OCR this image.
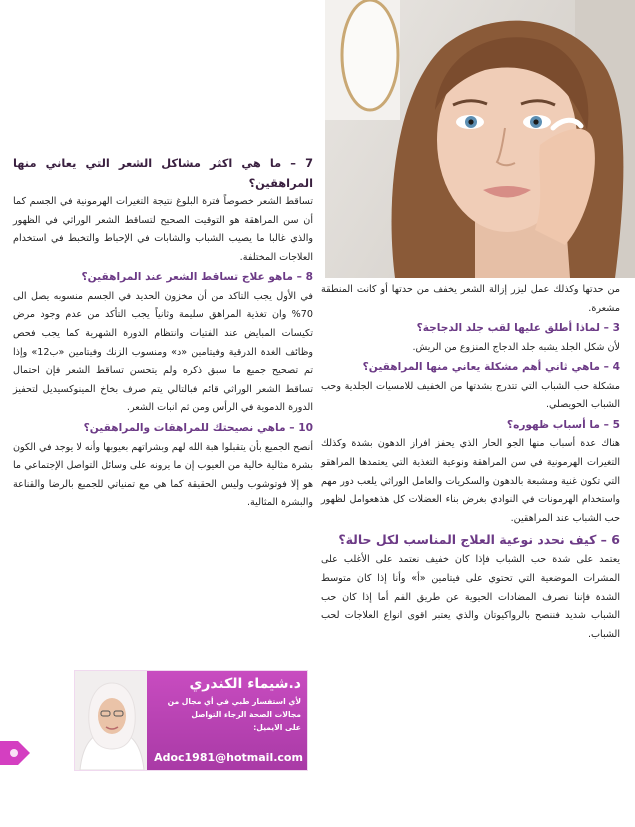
من حدتها وكذلك عمل ليزر إزالة الشعر يخفف من حدتها أو كانت المنطقة مشعرة.

3 – لماذا أطلق عليها لقب جلد الدجاجة؟

لأن شكل الجلد يشبه جلد الدجاج المنزوع من الريش.

4 – ماهي ثاني أهم مشكلة يعاني منها المراهقين؟

مشكلة حب الشباب التي تتدرج بشدتها من الخفيف للامسيات الجلدية وحب الشباب الحويصلي.

5 – ما أسباب ظهوره؟

هناك عدة أسباب منها الجو الحار الذي يحفز افراز الدهون بشدة وكذلك التغيرات الهرمونية في سن المراهقة ونوعية التغذية التي يعتمدها المراهقو التي تكون غنية ومشبعة بالدهون والسكريات والعامل الوراثي يلعب دور مهم واستخدام الهرمونات في النوادي بغرض بناء العضلات كل هذهعوامل لظهور حب الشباب عند المراهقين.

6 – كيف نحدد نوعية العلاج المناسب لكل حالة؟

يعتمد على شدة حب الشباب فإذا كان خفيف نعتمد على الأغلب على المشرات الموضعية التي تحتوي على فيتامين «أ» وأنا إذا كان متوسط الشدة فإننا نصرف المضادات الحيوية عن طريق الفم أما إذا كان حب الشباب شديد فننصح بالرواكيوتان والذي يعتبر اقوى انواع العلاجات لحب الشباب.

7 – ما هي اكثر مشاكل الشعر التي يعاني منها المراهقين؟

تساقط الشعر خصوصاً فترة البلوغ نتيجة التغيرات الهرمونية في الجسم كما أن سن المراهقة هو التوقيت الصحيح لتساقط الشعر الوراثي في الظهور والذي غالبا ما يصيب الشباب والشابات في الإحباط والتخبط في استخدام العلاجات المختلفة.

8 – ماهو علاج تساقط الشعر عند المراهقين؟

في الأول يجب التاكد من أن مخزون الحديد في الجسم منسوبه يصل الى 70% وان تغذية المراهق سليمة وثانياً يجب التأكد من عدم وجود مرض تكيسات المبايض عند الفتيات وانتظام الدورة الشهرية كما يجب فحص وظائف الغدة الدرقية وفيتامين «د» ومنسوب الزنك وفيتامين «ب12» وإذا تم تصحيح جميع ما سبق ذكره ولم يتحسن تساقط الشعر فإن احتمال تساقط الشعر الوراثي قائم فبالتالي يتم صرف بخاخ المينوكسيديل لتحفيز الدورة الدموية في الرأس ومن ثم انبات الشعر.

10 – ماهي نصيحتك للمراهقات والمراهقين؟

أنصح الجميع بأن يتقبلوا هبة الله لهم وبشراتهم بعيوبها وأنه لا يوجد في الكون بشرة مثالية خالية من العيوب إن ما يرونه على وسائل التواصل الإجتماعي ما هو إلا فوتوشوب وليس الحقيقة كما هي مع تمنياتي للجميع بالرضا والقناعة والبشرة المثالية.

د.شيماء الكندري
لأي استفسار طبي في أي مجال من
مجالات الصحة الرجاء التواصل
على الايميل:
Adoc1981@hotmail.com
